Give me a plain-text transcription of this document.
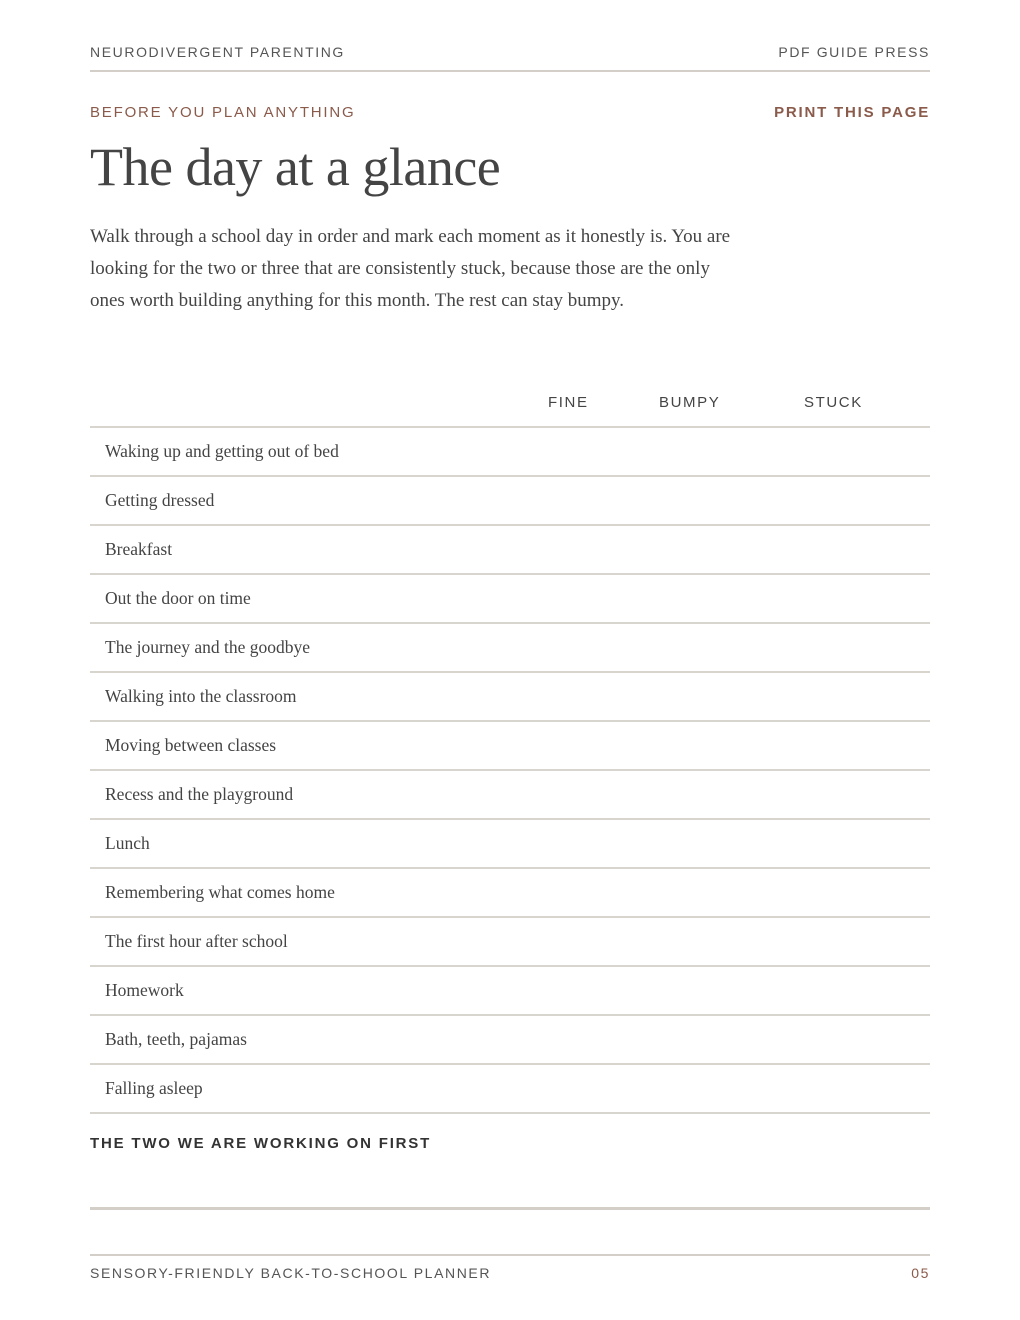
NEURODIVERGENT PARENTING	PDF GUIDE PRESS
BEFORE YOU PLAN ANYTHING	PRINT THIS PAGE
The day at a glance

Walk through a school day in order and mark each moment as it honestly is. You are looking for the two or three that are consistently stuck, because those are the only ones worth building anything for this month. The rest can stay bumpy.

FINE	BUMPY	STUCK
Waking up and getting out of bed
Getting dressed
Breakfast
Out the door on time
The journey and the goodbye
Walking into the classroom
Moving between classes
Recess and the playground
Lunch
Remembering what comes home
The first hour after school
Homework
Bath, teeth, pajamas
Falling asleep
THE TWO WE ARE WORKING ON FIRST
SENSORY-FRIENDLY BACK-TO-SCHOOL PLANNER	05
